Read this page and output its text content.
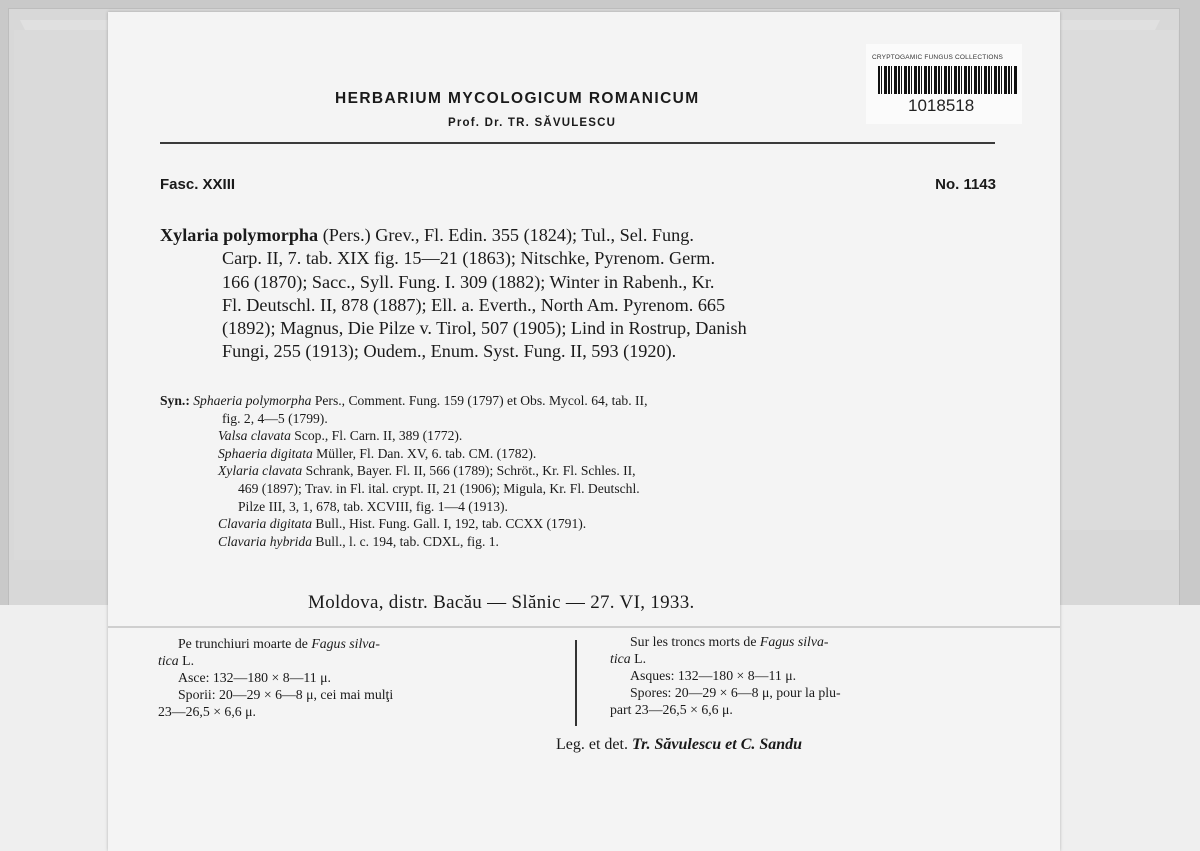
HERBARIUM MYCOLOGICUM ROMANICUM
Prof. Dr. TR. SĂVULESCU
CRYPTOGAMIC FUNGUS COLLECTIONS
1018518
Fasc. XXIII	No. 1143
Xylaria polymorpha (Pers.) Grev., Fl. Edin. 355 (1824); Tul., Sel. Fung.
Carp. II, 7. tab. XIX fig. 15—21 (1863); Nitschke, Pyrenom. Germ.
166 (1870); Sacc., Syll. Fung. I. 309 (1882); Winter in Rabenh., Kr.
Fl. Deutschl. II, 878 (1887); Ell. a. Everth., North Am. Pyrenom. 665
(1892); Magnus, Die Pilze v. Tirol, 507 (1905); Lind in Rostrup, Danish
Fungi, 255 (1913); Oudem., Enum. Syst. Fung. II, 593 (1920).
Syn.: Sphaeria polymorpha Pers., Comment. Fung. 159 (1797) et Obs. Mycol. 64, tab. II,
fig. 2, 4—5 (1799).
Valsa clavata Scop., Fl. Carn. II, 389 (1772).
Sphaeria digitata Müller, Fl. Dan. XV, 6. tab. CM. (1782).
Xylaria clavata Schrank, Bayer. Fl. II, 566 (1789); Schröt., Kr. Fl. Schles. II,
469 (1897); Trav. in Fl. ital. crypt. II, 21 (1906); Migula, Kr. Fl. Deutschl.
Pilze III, 3, 1, 678, tab. XCVIII, fig. 1—4 (1913).
Clavaria digitata Bull., Hist. Fung. Gall. I, 192, tab. CCXX (1791).
Clavaria hybrida Bull., l. c. 194, tab. CDXL, fig. 1.
Moldova, distr. Bacău — Slănic — 27. VI, 1933.
Pe trunchiuri moarte de Fagus silva-
tica L.
Asce: 132—180 × 8—11 μ.
Sporii: 20—29 × 6—8 μ, cei mai mulţi
23—26,5 × 6,6 μ.
Sur les troncs morts de Fagus silva-
tica L.
Asques: 132—180 × 8—11 μ.
Spores: 20—29 × 6—8 μ, pour la plu-
part 23—26,5 × 6,6 μ.
Leg. et det. Tr. Săvulescu et C. Sandu
